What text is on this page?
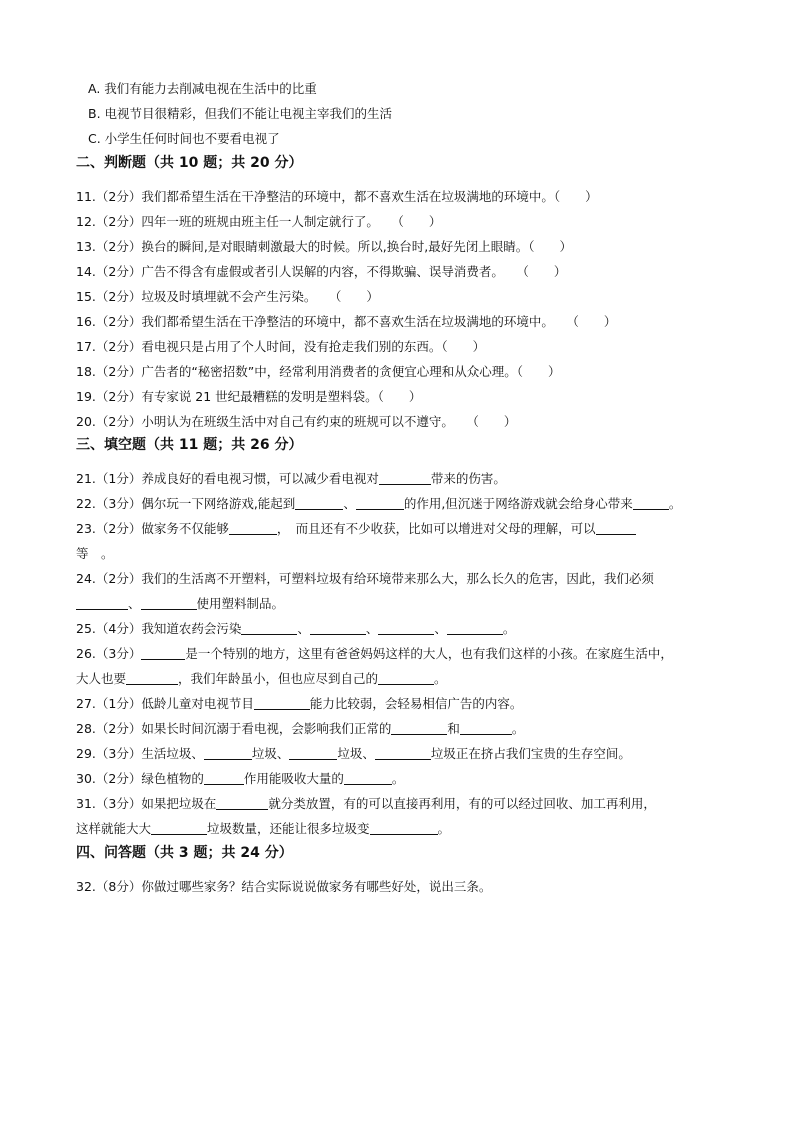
A. 我们有能力去削减电视在生活中的比重
B. 电视节目很精彩，但我们不能让电视主宰我们的生活
C. 小学生任何时间也不要看电视了
二、判断题（共 10 题；共 20 分）
11.（2分）我们都希望生活在干净整洁的环境中，都不喜欢生活在垃圾满地的环境中。（　　）
12.（2分）四年一班的班规由班主任一人制定就行了。　　（　　）
13.（2分）换台的瞬间,是对眼睛刺激最大的时候。所以,换台时,最好先闭上眼睛。（　　）
14.（2分）广告不得含有虚假或者引人误解的内容，不得欺骗、误导消费者。　　（　　）
15.（2分）垃圾及时填埋就不会产生污染。　　（　　）
16.（2分）我们都希望生活在干净整洁的环境中，都不喜欢生活在垃圾满地的环境中。　　（　　）
17.（2分）看电视只是占用了个人时间，没有抢走我们别的东西。（　　）
18.（2分）广告者的“秘密招数”中，经常利用消费者的贪便宜心理和从众心理。（　　）
19.（2分）有专家说 21 世纪最糟糕的发明是塑料袋。（　　）
20.（2分）小明认为在班级生活中对自己有约束的班规可以不遵守。　　（　　）
三、填空题（共 11 题；共 26 分）
21.（1分）养成良好的看电视习惯，可以减少看电视对	带来的伤害。
22.（3分）偶尔玩一下网络游戏,能起到	、	的作用,但沉迷于网络游戏就会给身心带来	。
23.（2分）做家务不仅能够	，　而且还有不少收获，比如可以增进对父母的理解，可以
等　 。
24.（2分）我们的生活离不开塑料，可塑料垃圾有给环境带来那么大，那么长久的危害，因此，我们必须
、	使用塑料制品。
25.（4分）我知道农药会污染	、	、	、	。
26.（3分）	是一个特别的地方，这里有爸爸妈妈这样的大人，也有我们这样的小孩。在家庭生活中，
大人也要	，我们年龄虽小，但也应尽到自己的	。
27.（1分）低龄儿童对电视节目	能力比较弱，会轻易相信广告的内容。
28.（2分）如果长时间沉溺于看电视，会影响我们正常的	和	。
29.（3分）生活垃圾、	垃圾、	垃圾、	垃圾正在挤占我们宝贵的生存空间。
30.（2分）绿色植物的	作用能吸收大量的	。
31.（3分）如果把垃圾在	就分类放置，有的可以直接再利用，有的可以经过回收、加工再利用，
这样就能大大	垃圾数量，还能让很多垃圾变	。
四、问答题（共 3 题；共 24 分）
32.（8分）你做过哪些家务？结合实际说说做家务有哪些好处，说出三条。
